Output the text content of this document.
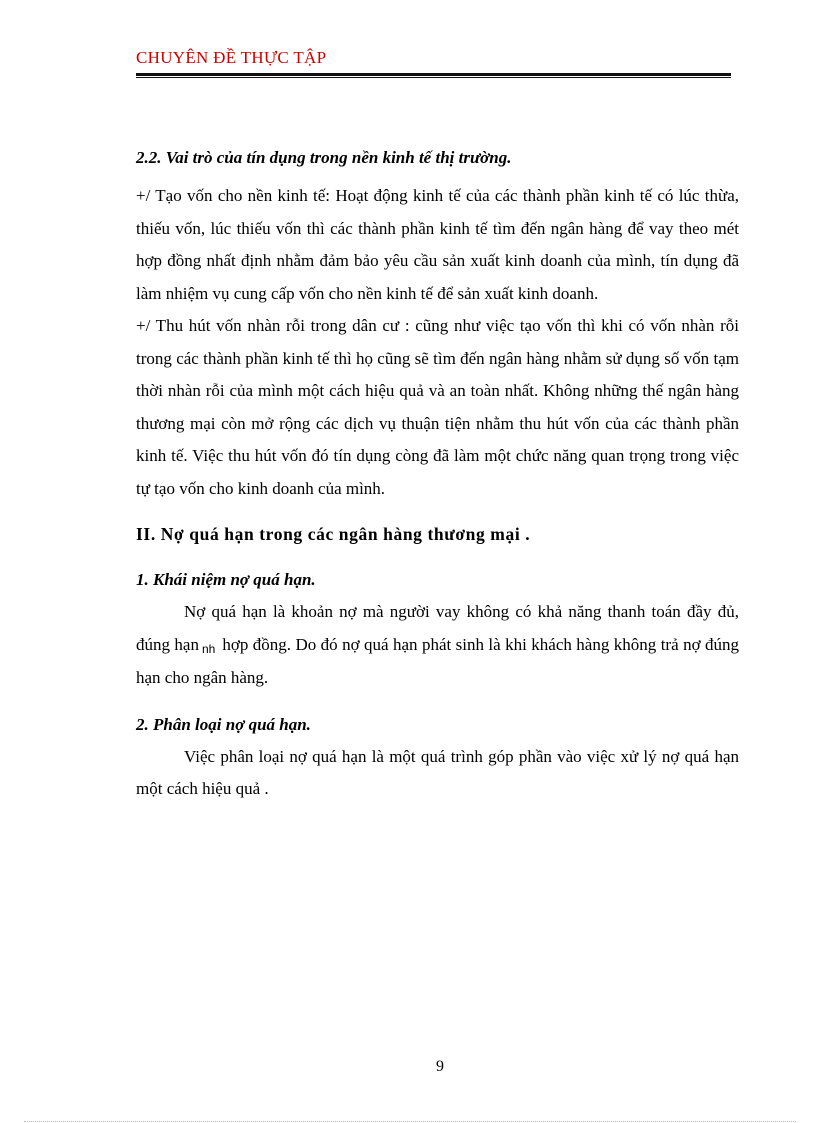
CHUYÊN ĐỀ THỰC TẬP
2.2. Vai trò của tín dụng trong nền kinh tế thị trường.

+/ Tạo vốn cho nền kinh tế: Hoạt động kinh tế của các thành phần kinh tế có lúc thừa, thiếu vốn, lúc thiếu vốn thì các thành phần kinh tế tìm đến ngân hàng để vay theo mét hợp đồng nhất định nhằm đảm bảo yêu cầu sản xuất kinh doanh của mình, tín dụng đã làm nhiệm vụ cung cấp vốn cho nền kinh tế để sản xuất kinh doanh.

+/ Thu hút vốn nhàn rỗi trong dân cư : cũng như việc tạo vốn thì khi có vốn nhàn rỗi trong các thành phần kinh tế thì họ cũng sẽ tìm đến ngân hàng nhằm sử dụng số vốn tạm thời nhàn rỗi của mình một cách hiệu quả và an toàn nhất. Không những thế ngân hàng thương mại còn mở rộng các dịch vụ thuận tiện nhằm thu hút vốn của các thành phần kinh tế. Việc thu hút vốn đó tín dụng còng đã làm một chức năng quan trọng trong việc tự tạo vốn cho kinh doanh của mình.

II. Nợ quá hạn trong các ngân hàng thương mại .
1. Khái niệm nợ quá hạn.

Nợ quá hạn là khoản nợ mà người vay không có khả năng thanh toán đầy đủ, đúng hạn nh hợp đồng. Do đó nợ quá hạn phát sinh là khi khách hàng không trả nợ đúng hạn cho ngân hàng.

2. Phân loại nợ quá hạn.

Việc phân loại nợ quá hạn là một quá trình góp phần vào việc xử lý nợ quá hạn một cách hiệu quả .

9
